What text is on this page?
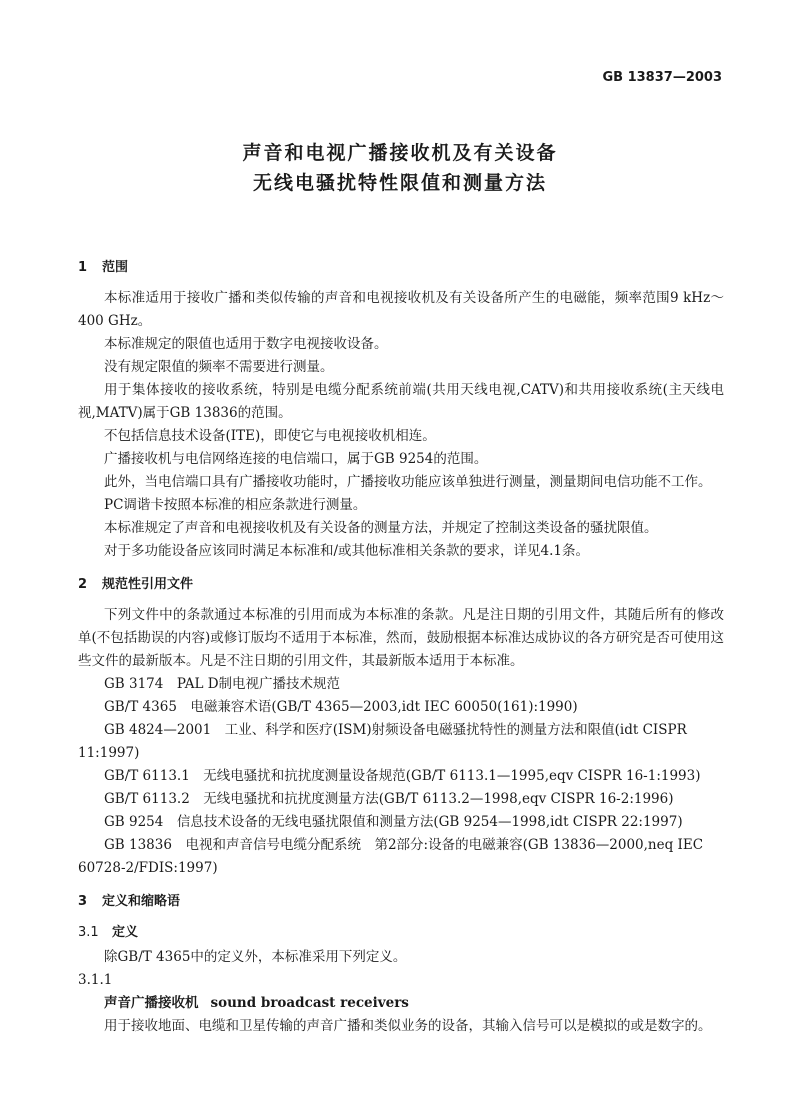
GB 13837—2003
声音和电视广播接收机及有关设备
无线电骚扰特性限值和测量方法
1 范围
本标准适用于接收广播和类似传输的声音和电视接收机及有关设备所产生的电磁能，频率范围9 kHz～400 GHz。
本标准规定的限值也适用于数字电视接收设备。
没有规定限值的频率不需要进行测量。
用于集体接收的接收系统，特别是电缆分配系统前端(共用天线电视,CATV)和共用接收系统(主天线电视,MATV)属于GB 13836的范围。
不包括信息技术设备(ITE)，即使它与电视接收机相连。
广播接收机与电信网络连接的电信端口，属于GB 9254的范围。
此外，当电信端口具有广播接收功能时，广播接收功能应该单独进行测量，测量期间电信功能不工作。
PC调谐卡按照本标准的相应条款进行测量。
本标准规定了声音和电视接收机及有关设备的测量方法，并规定了控制这类设备的骚扰限值。
对于多功能设备应该同时满足本标准和/或其他标准相关条款的要求，详见4.1条。
2 规范性引用文件
下列文件中的条款通过本标准的引用而成为本标准的条款。凡是注日期的引用文件，其随后所有的修改单(不包括勘误的内容)或修订版均不适用于本标准，然而，鼓励根据本标准达成协议的各方研究是否可使用这些文件的最新版本。凡是不注日期的引用文件，其最新版本适用于本标准。
GB 3174　PAL D制电视广播技术规范
GB/T 4365　电磁兼容术语(GB/T 4365—2003,idt IEC 60050(161):1990)
GB 4824—2001　工业、科学和医疗(ISM)射频设备电磁骚扰特性的测量方法和限值(idt CISPR 11:1997)
GB/T 6113.1　无线电骚扰和抗扰度测量设备规范(GB/T 6113.1—1995,eqv CISPR 16-1:1993)
GB/T 6113.2　无线电骚扰和抗扰度测量方法(GB/T 6113.2—1998,eqv CISPR 16-2:1996)
GB 9254　信息技术设备的无线电骚扰限值和测量方法(GB 9254—1998,idt CISPR 22:1997)
GB 13836　电视和声音信号电缆分配系统　第2部分:设备的电磁兼容(GB 13836—2000,neq IEC 60728-2/FDIS:1997)
3 定义和缩略语
3.1 定义
除GB/T 4365中的定义外，本标准采用下列定义。
3.1.1
声音广播接收机 sound broadcast receivers
用于接收地面、电缆和卫星传输的声音广播和类似业务的设备，其输入信号可以是模拟的或是数字的。
